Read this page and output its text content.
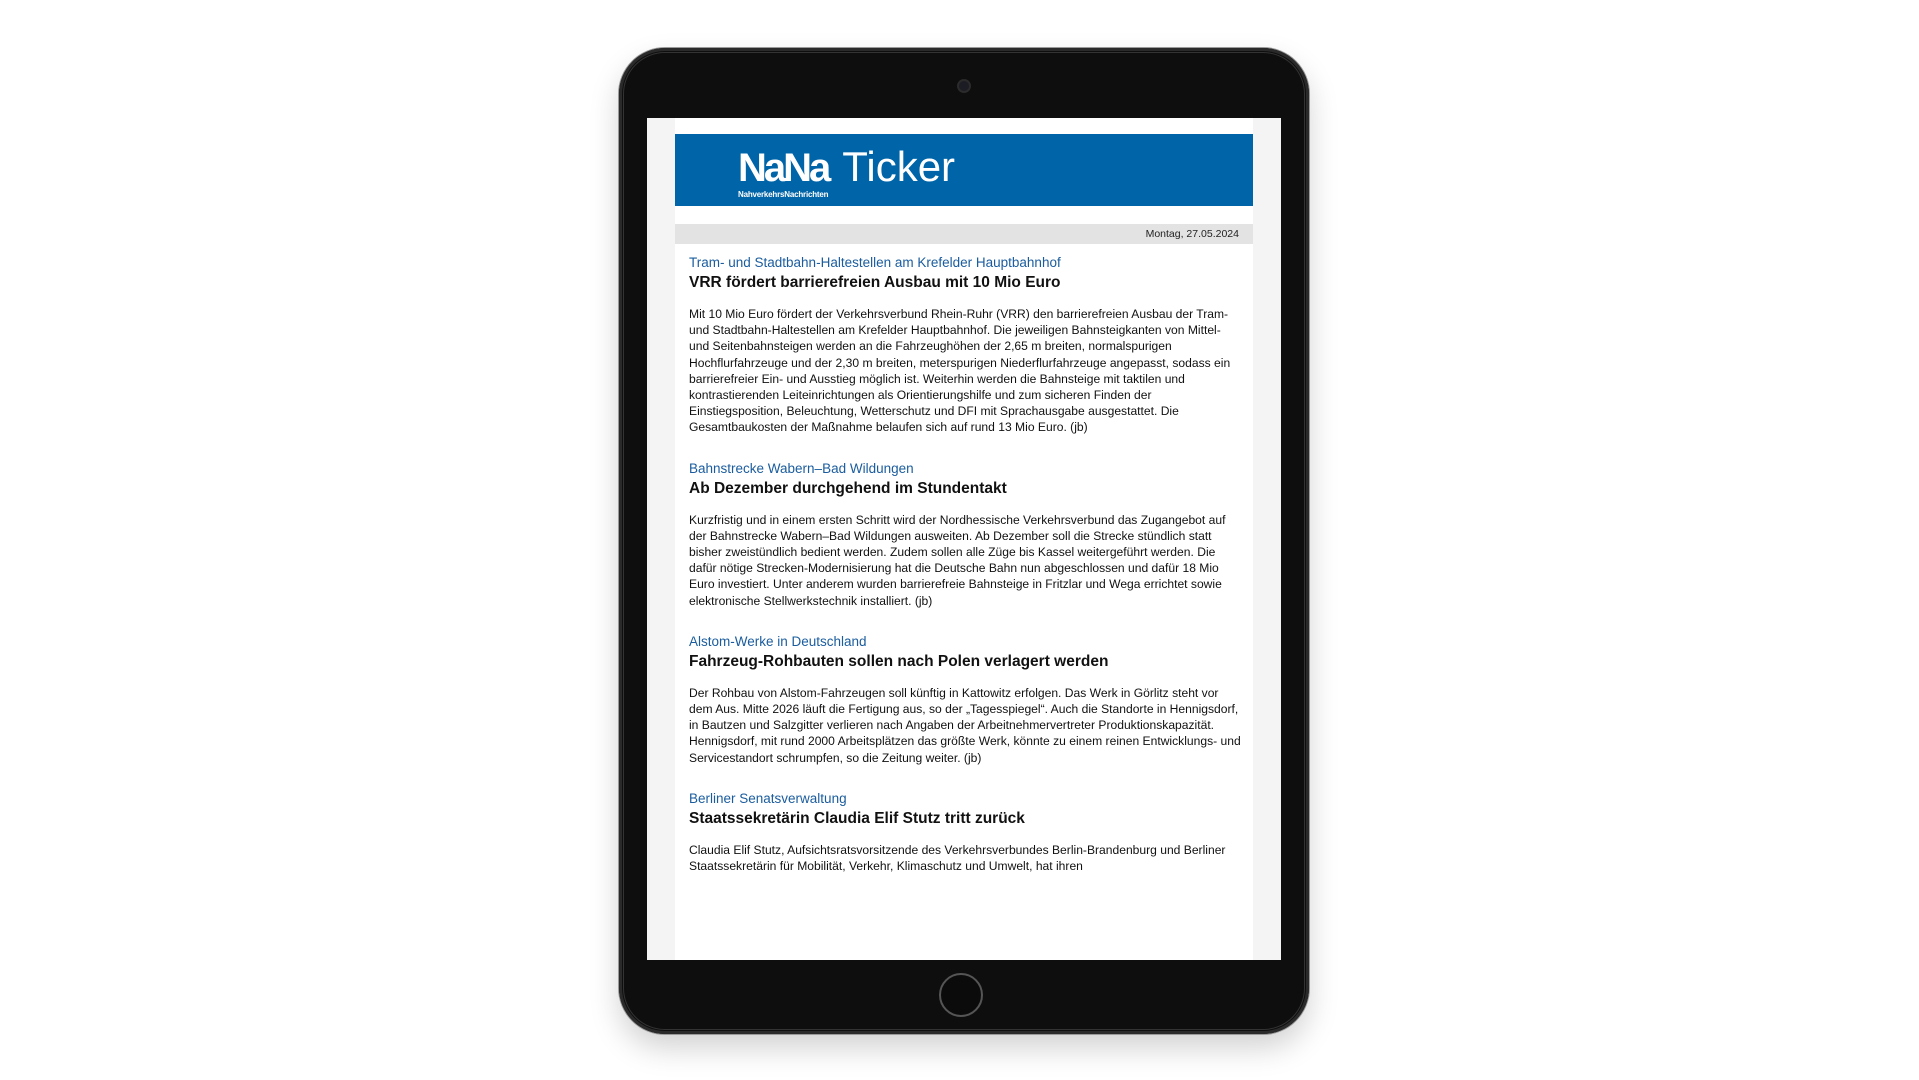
NaNa Ticker
NahverkehrsNachrichten
Montag, 27.05.2024

Tram- und Stadtbahn-Haltestellen am Krefelder Hauptbahnhof

VRR fördert barrierefreien Ausbau mit 10 Mio Euro

Mit 10 Mio Euro fördert der Verkehrsverbund Rhein-Ruhr (VRR) den barrierefreien Ausbau der Tram- und Stadtbahn-Haltestellen am Krefelder Hauptbahnhof. Die jeweiligen Bahnsteigkanten von Mittel- und Seitenbahnsteigen werden an die Fahrzeughöhen der 2,65 m breiten, normalspurigen Hochflurfahrzeuge und der 2,30 m breiten, meterspurigen Niederflurfahrzeuge angepasst, sodass ein barrierefreier Ein- und Ausstieg möglich ist. Weiterhin werden die Bahnsteige mit taktilen und kontrastierenden Leiteinrichtungen als Orientierungshilfe und zum sicheren Finden der Einstiegsposition, Beleuchtung, Wetterschutz und DFI mit Sprachausgabe ausgestattet. Die Gesamtbaukosten der Maßnahme belaufen sich auf rund 13 Mio Euro. (jb)

Bahnstrecke Wabern–Bad Wildungen

Ab Dezember durchgehend im Stundentakt

Kurzfristig und in einem ersten Schritt wird der Nordhessische Verkehrsverbund das Zugangebot auf der Bahnstrecke Wabern–Bad Wildungen ausweiten. Ab Dezember soll die Strecke stündlich statt bisher zweistündlich bedient werden. Zudem sollen alle Züge bis Kassel weitergeführt werden. Die dafür nötige Strecken-Modernisierung hat die Deutsche Bahn nun abgeschlossen und dafür 18 Mio Euro investiert. Unter anderem wurden barrierefreie Bahnsteige in Fritzlar und Wega errichtet sowie elektronische Stellwerkstechnik installiert. (jb)

Alstom-Werke in Deutschland

Fahrzeug-Rohbauten sollen nach Polen verlagert werden

Der Rohbau von Alstom-Fahrzeugen soll künftig in Kattowitz erfolgen. Das Werk in Görlitz steht vor dem Aus. Mitte 2026 läuft die Fertigung aus, so der „Tagesspiegel“. Auch die Standorte in Hennigsdorf, in Bautzen und Salzgitter verlieren nach Angaben der Arbeitnehmervertreter Produktionskapazität. Hennigsdorf, mit rund 2000 Arbeitsplätzen das größte Werk, könnte zu einem reinen Entwicklungs- und Servicestandort schrumpfen, so die Zeitung weiter. (jb)

Berliner Senatsverwaltung

Staatssekretärin Claudia Elif Stutz tritt zurück

Claudia Elif Stutz, Aufsichtsratsvorsitzende des Verkehrsverbundes Berlin-Brandenburg und Berliner Staatssekretärin für Mobilität, Verkehr, Klimaschutz und Umwelt, hat ihren
